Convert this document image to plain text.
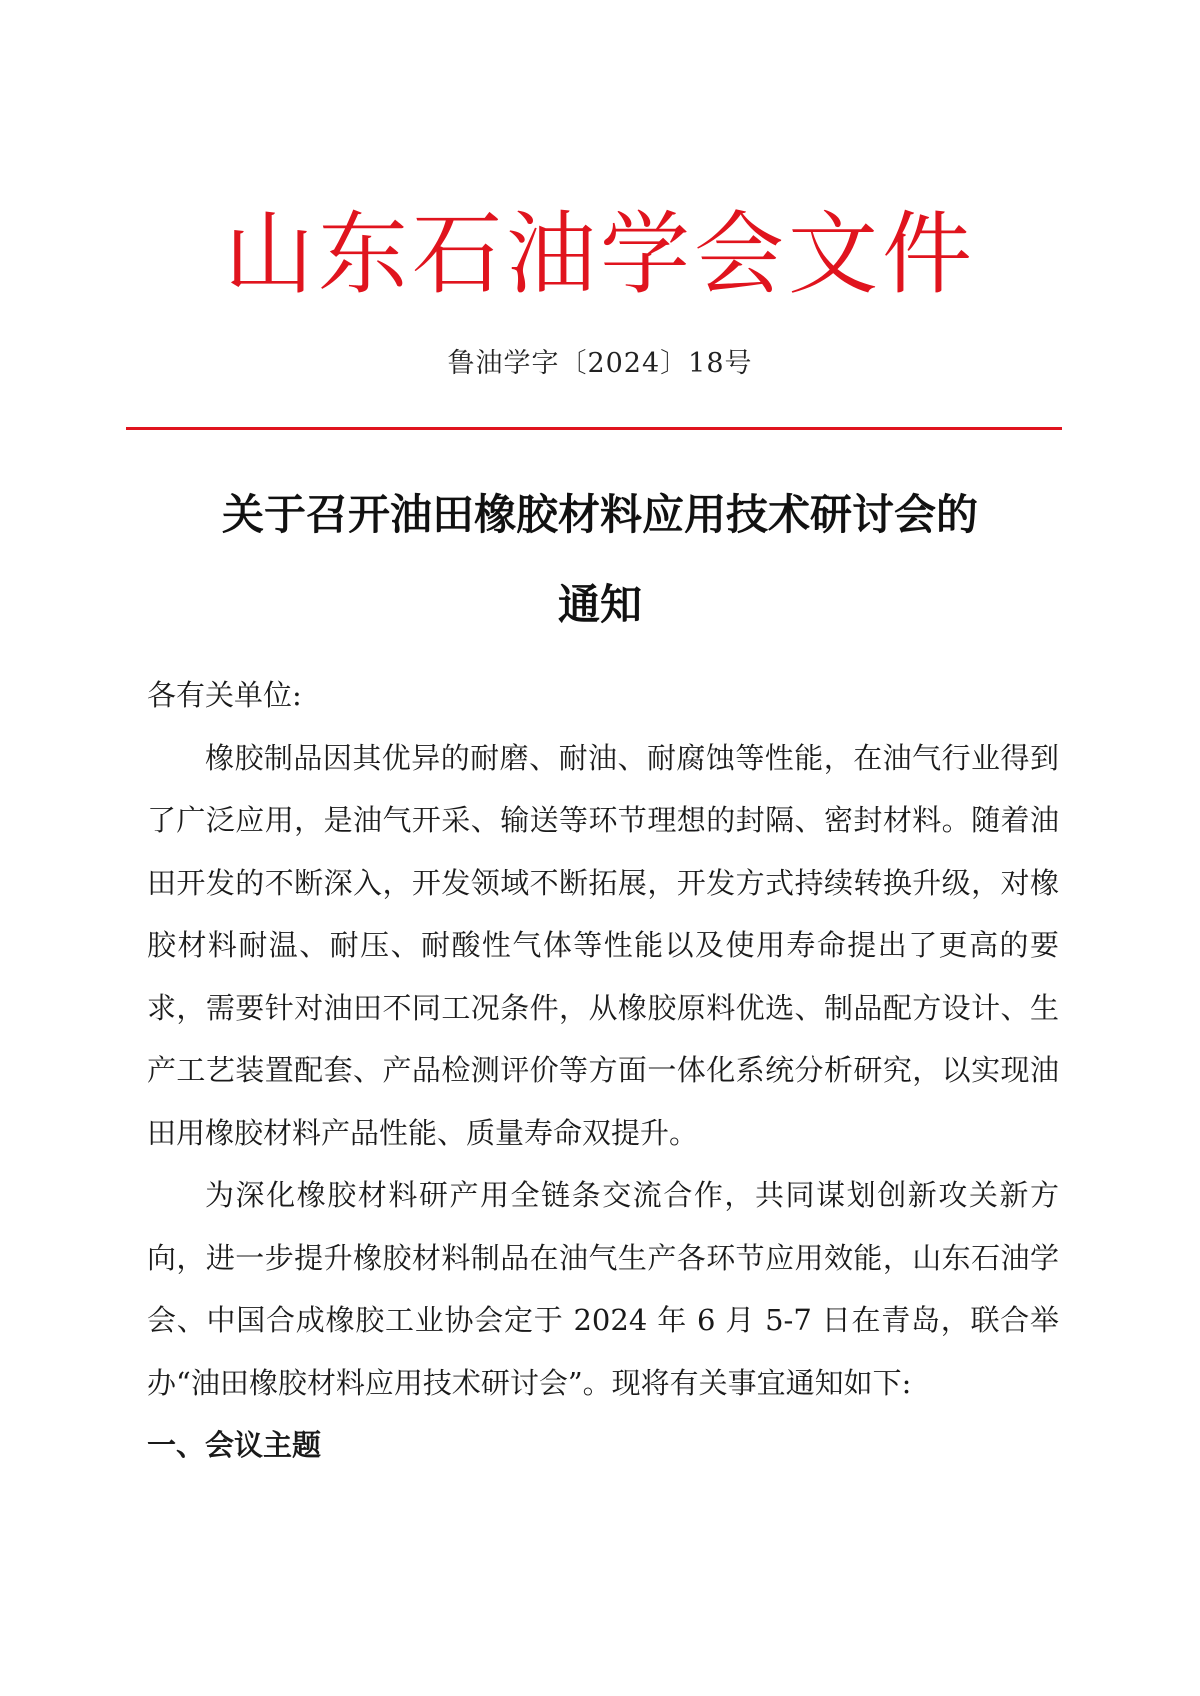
山东石油学会文件
鲁油学字〔2024〕18号
关于召开油田橡胶材料应用技术研讨会的
通知

各有关单位:

橡胶制品因其优异的耐磨、耐油、耐腐蚀等性能，在油气行业得到了广泛应用，是油气开采、输送等环节理想的封隔、密封材料。随着油田开发的不断深入，开发领域不断拓展，开发方式持续转换升级，对橡胶材料耐温、耐压、耐酸性气体等性能以及使用寿命提出了更高的要求，需要针对油田不同工况条件，从橡胶原料优选、制品配方设计、生产工艺装置配套、产品检测评价等方面一体化系统分析研究，以实现油田用橡胶材料产品性能、质量寿命双提升。

为深化橡胶材料研产用全链条交流合作，共同谋划创新攻关新方向，进一步提升橡胶材料制品在油气生产各环节应用效能，山东石油学会、中国合成橡胶工业协会定于 2024 年 6 月 5-7 日在青岛，联合举办“油田橡胶材料应用技术研讨会”。现将有关事宜通知如下:

一、会议主题
